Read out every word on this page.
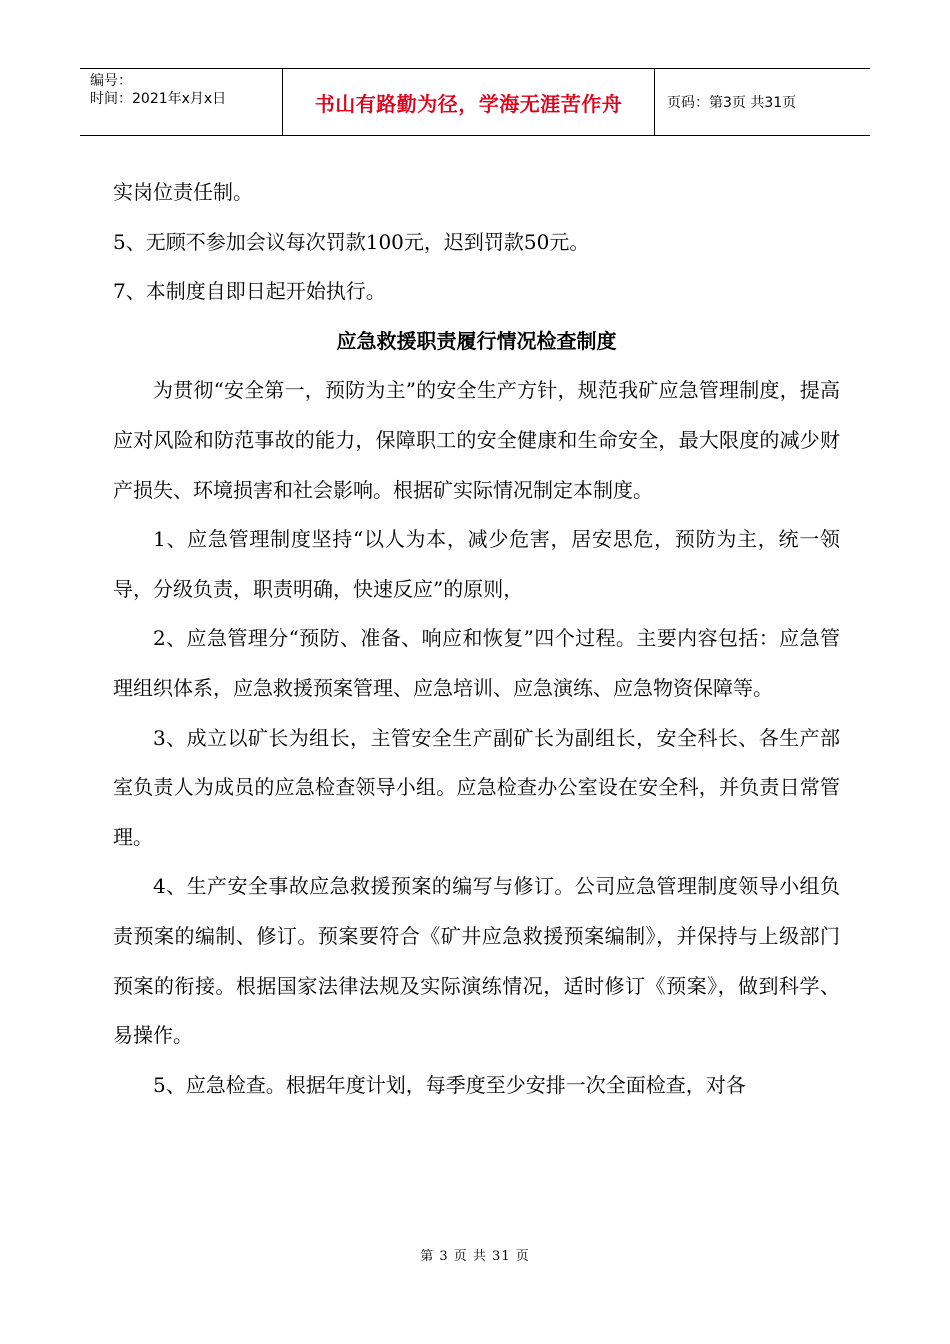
编号：
时间：2021年x月x日	书山有路勤为径，学海无涯苦作舟	页码：第3页 共31页

实岗位责任制。

5、无顾不参加会议每次罚款100元，迟到罚款50元。

7、本制度自即日起开始执行。

应急救援职责履行情况检查制度

为贯彻“安全第一，预防为主”的安全生产方针，规范我矿应急管理制度，提高应对风险和防范事故的能力，保障职工的安全健康和生命安全，最大限度的减少财产损失、环境损害和社会影响。根据矿实际情况制定本制度。

1、应急管理制度坚持“以人为本，减少危害，居安思危，预防为主，统一领导，分级负责，职责明确，快速反应”的原则，

2、应急管理分“预防、准备、响应和恢复”四个过程。主要内容包括：应急管理组织体系，应急救援预案管理、应急培训、应急演练、应急物资保障等。

3、成立以矿长为组长，主管安全生产副矿长为副组长，安全科长、各生产部室负责人为成员的应急检查领导小组。应急检查办公室设在安全科，并负责日常管理。

4、生产安全事故应急救援预案的编写与修订。公司应急管理制度领导小组负责预案的编制、修订。预案要符合《矿井应急救援预案编制》，并保持与上级部门预案的衔接。根据国家法律法规及实际演练情况，适时修订《预案》，做到科学、易操作。

5、应急检查。根据年度计划，每季度至少安排一次全面检查，对各

第 3 页 共 31 页
